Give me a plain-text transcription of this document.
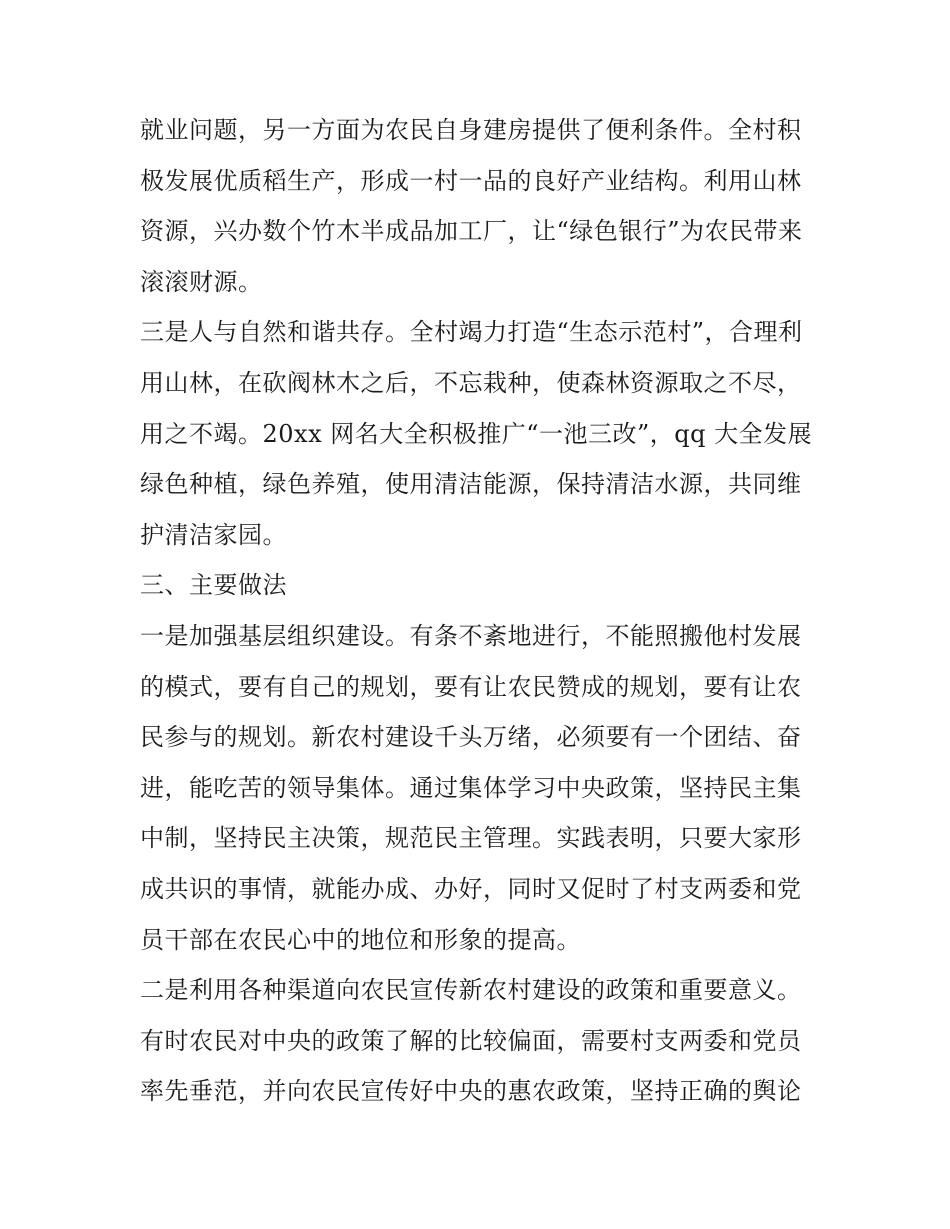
就业问题，另一方面为农民自身建房提供了便利条件。全村积
极发展优质稻生产，形成一村一品的良好产业结构。利用山林
资源，兴办数个竹木半成品加工厂，让“绿色银行”为农民带来
滚滚财源。
三是人与自然和谐共存。全村竭力打造“生态示范村”，合理利
用山林，在砍阀林木之后，不忘栽种，使森林资源取之不尽，
用之不竭。20xx 网名大全积极推广“一池三改”，qq 大全发展
绿色种植，绿色养殖，使用清洁能源，保持清洁水源，共同维
护清洁家园。
三、主要做法
一是加强基层组织建设。有条不紊地进行，不能照搬他村发展
的模式，要有自己的规划，要有让农民赞成的规划，要有让农
民参与的规划。新农村建设千头万绪，必须要有一个团结、奋
进，能吃苦的领导集体。通过集体学习中央政策，坚持民主集
中制，坚持民主决策，规范民主管理。实践表明，只要大家形
成共识的事情，就能办成、办好，同时又促时了村支两委和党
员干部在农民心中的地位和形象的提高。
二是利用各种渠道向农民宣传新农村建设的政策和重要意义。
有时农民对中央的政策了解的比较偏面，需要村支两委和党员
率先垂范，并向农民宣传好中央的惠农政策，坚持正确的舆论
